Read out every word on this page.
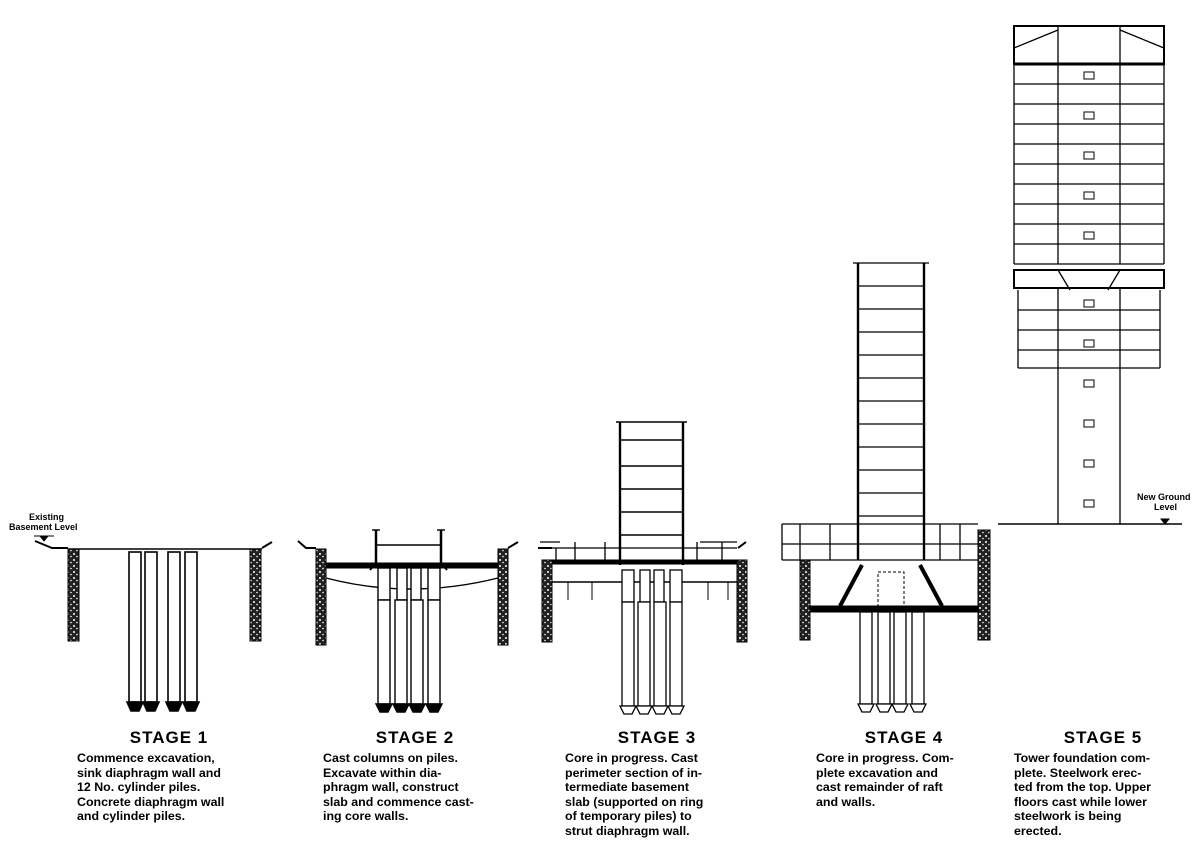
Existing
Basement Level
New Ground
Level

STAGE 1

Commence excavation,
sink diaphragm wall and
12 No. cylinder piles.
Concrete diaphragm wall
and cylinder piles.

STAGE 2

Cast columns on piles.
Excavate within dia-
phragm wall, construct
slab and commence cast-
ing core walls.

STAGE 3

Core in progress. Cast
perimeter section of in-
termediate basement
slab (supported on ring
of temporary piles) to
strut diaphragm wall.

STAGE 4

Core in progress. Com-
plete excavation and
cast remainder of raft
and walls.

STAGE 5

Tower foundation com-
plete. Steelwork erec-
ted from the top. Upper
floors cast while lower
steelwork is being
erected.
